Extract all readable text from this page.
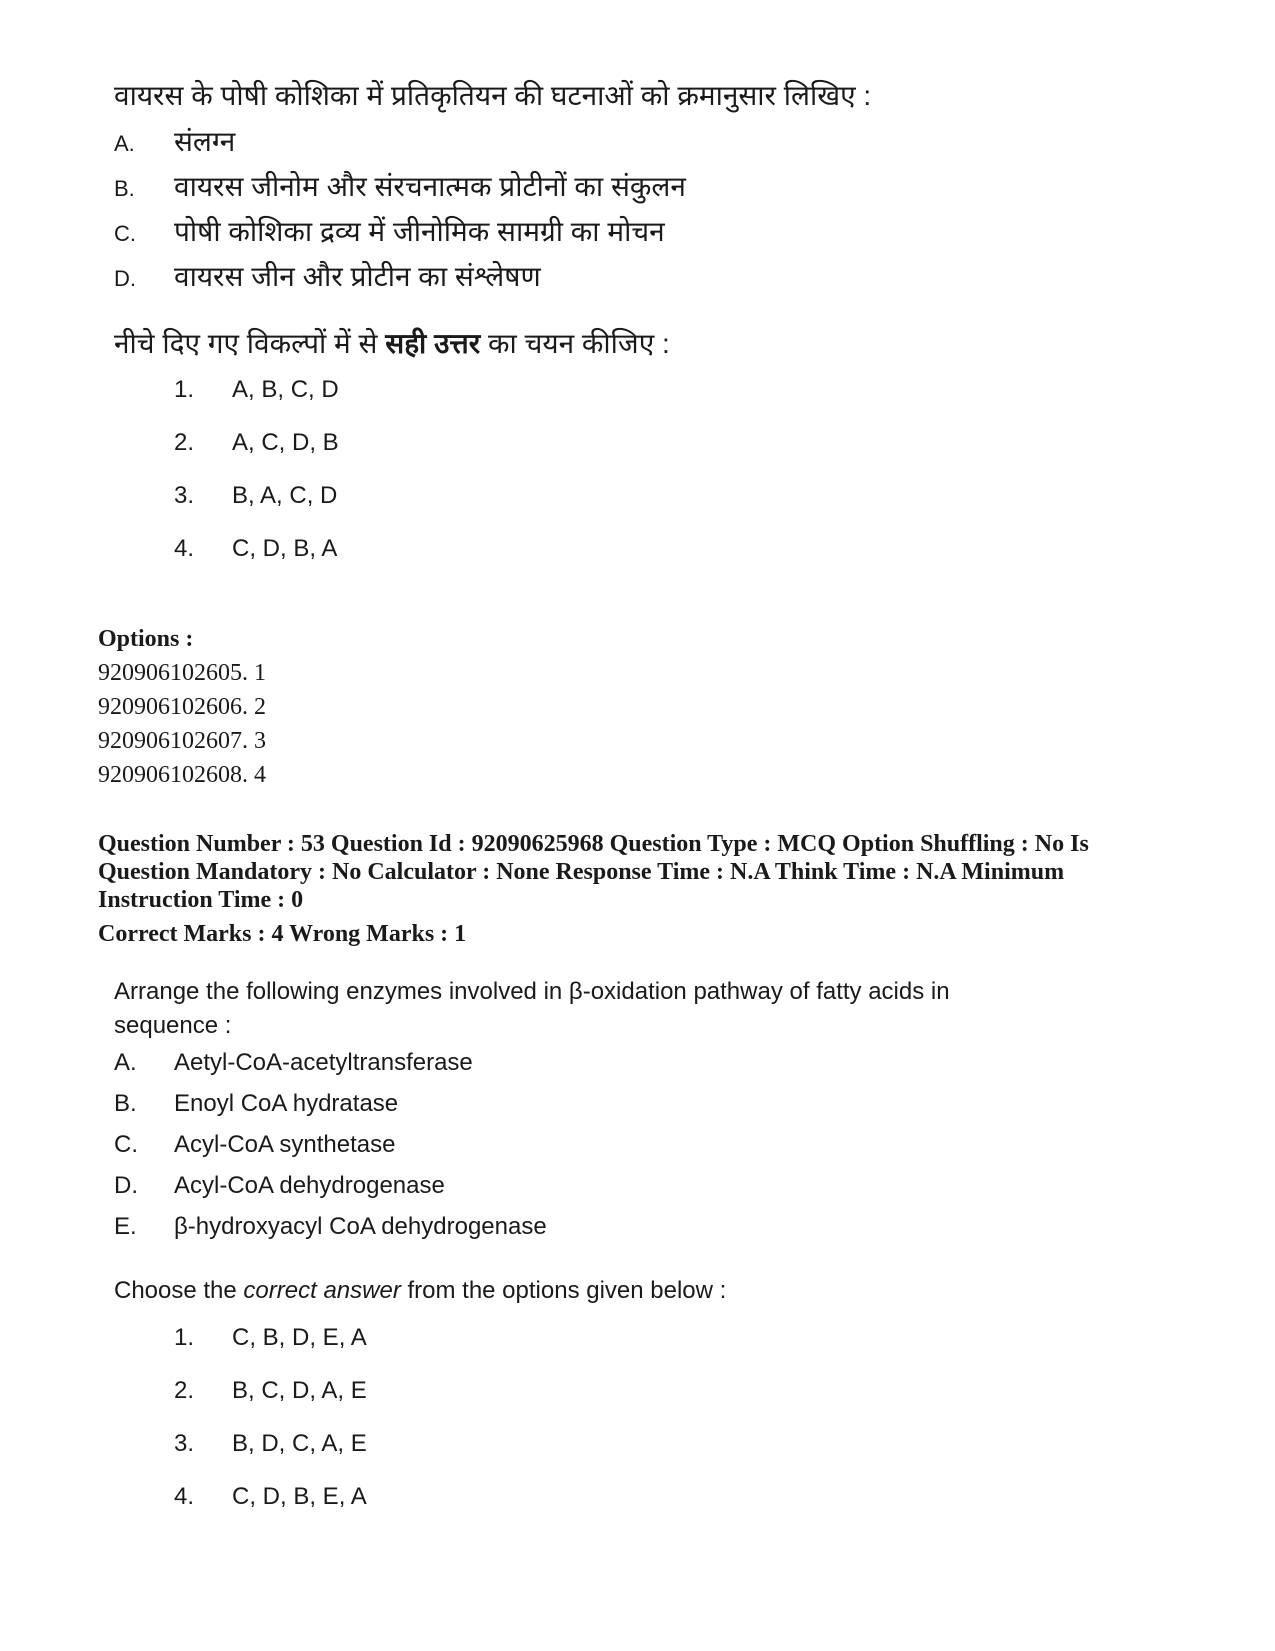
वायरस के पोषी कोशिका में प्रतिकृतियन की घटनाओं को क्रमानुसार लिखिए :

A.	संलग्न
B.	वायरस जीनोम और संरचनात्मक प्रोटीनों का संकुलन
C.	पोषी कोशिका द्रव्य में जीनोमिक सामग्री का मोचन
D.	वायरस जीन और प्रोटीन का संश्लेषण
नीचे दिए गए विकल्पों में से सही उत्तर का चयन कीजिए :
1.	A, B, C, D
2.	A, C, D, B
3.	B, A, C, D
4.	C, D, B, A
Options :
920906102605. 1
920906102606. 2
920906102607. 3
920906102608. 4
Question Number : 53 Question Id : 92090625968 Question Type : MCQ Option Shuffling : No Is
Question Mandatory : No Calculator : None Response Time : N.A Think Time : N.A Minimum
Instruction Time : 0
Correct Marks : 4 Wrong Marks : 1

Arrange the following enzymes involved in β-oxidation pathway of fatty acids in
sequence :

A.	Aetyl-CoA-acetyltransferase
B.	Enoyl CoA hydratase
C.	Acyl-CoA synthetase
D.	Acyl-CoA dehydrogenase
E.	β-hydroxyacyl CoA dehydrogenase
Choose the correct answer from the options given below :
1.	C, B, D, E, A
2.	B, C, D, A, E
3.	B, D, C, A, E
4.	C, D, B, E, A
